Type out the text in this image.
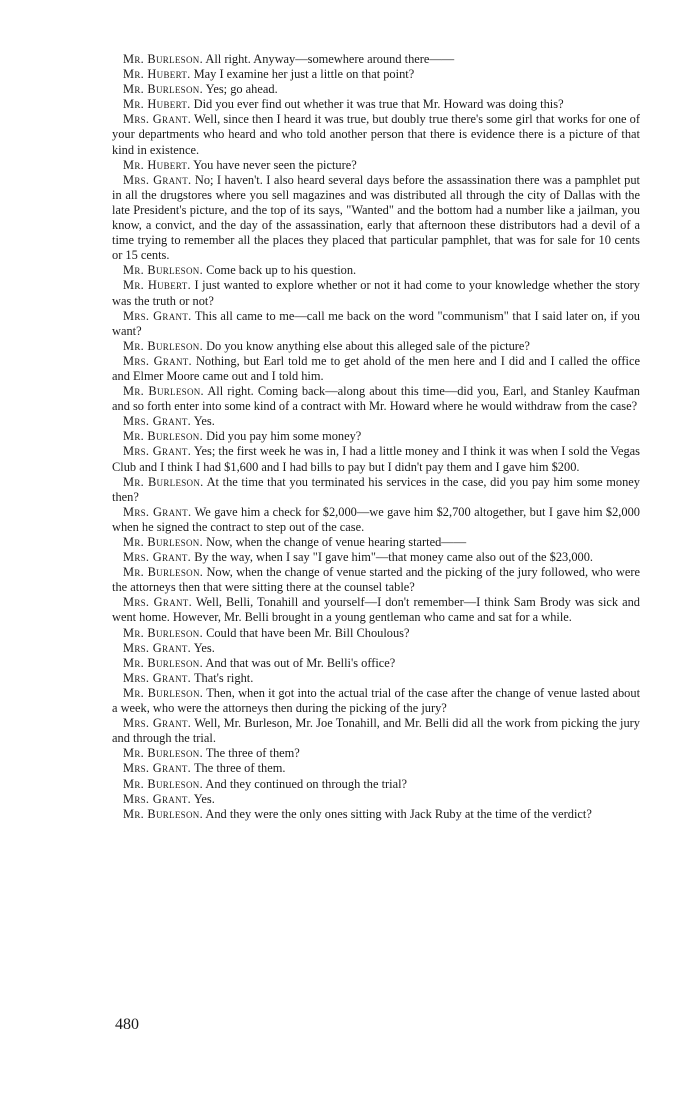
Mr. Burleson. All right. Anyway—somewhere around there——

Mr. Hubert. May I examine her just a little on that point?

Mr. Burleson. Yes; go ahead.

Mr. Hubert. Did you ever find out whether it was true that Mr. Howard was doing this?

Mrs. Grant. Well, since then I heard it was true, but doubly true there's some girl that works for one of your departments who heard and who told another person that there is evidence there is a picture of that kind in existence.

Mr. Hubert. You have never seen the picture?

Mrs. Grant. No; I haven't. I also heard several days before the assassination there was a pamphlet put in all the drugstores where you sell magazines and was distributed all through the city of Dallas with the late President's picture, and the top of its says, "Wanted" and the bottom had a number like a jailman, you know, a convict, and the day of the assassination, early that afternoon these distributors had a devil of a time trying to remember all the places they placed that particular pamphlet, that was for sale for 10 cents or 15 cents.

Mr. Burleson. Come back up to his question.

Mr. Hubert. I just wanted to explore whether or not it had come to your knowledge whether the story was the truth or not?

Mrs. Grant. This all came to me—call me back on the word "communism" that I said later on, if you want?

Mr. Burleson. Do you know anything else about this alleged sale of the picture?

Mrs. Grant. Nothing, but Earl told me to get ahold of the men here and I did and I called the office and Elmer Moore came out and I told him.

Mr. Burleson. All right. Coming back—along about this time—did you, Earl, and Stanley Kaufman and so forth enter into some kind of a contract with Mr. Howard where he would withdraw from the case?

Mrs. Grant. Yes.

Mr. Burleson. Did you pay him some money?

Mrs. Grant. Yes; the first week he was in, I had a little money and I think it was when I sold the Vegas Club and I think I had $1,600 and I had bills to pay but I didn't pay them and I gave him $200.

Mr. Burleson. At the time that you terminated his services in the case, did you pay him some money then?

Mrs. Grant. We gave him a check for $2,000—we gave him $2,700 altogether, but I gave him $2,000 when he signed the contract to step out of the case.

Mr. Burleson. Now, when the change of venue hearing started——

Mrs. Grant. By the way, when I say "I gave him"—that money came also out of the $23,000.

Mr. Burleson. Now, when the change of venue started and the picking of the jury followed, who were the attorneys then that were sitting there at the counsel table?

Mrs. Grant. Well, Belli, Tonahill and yourself—I don't remember—I think Sam Brody was sick and went home. However, Mr. Belli brought in a young gentleman who came and sat for a while.

Mr. Burleson. Could that have been Mr. Bill Choulous?

Mrs. Grant. Yes.

Mr. Burleson. And that was out of Mr. Belli's office?

Mrs. Grant. That's right.

Mr. Burleson. Then, when it got into the actual trial of the case after the change of venue lasted about a week, who were the attorneys then during the picking of the jury?

Mrs. Grant. Well, Mr. Burleson, Mr. Joe Tonahill, and Mr. Belli did all the work from picking the jury and through the trial.

Mr. Burleson. The three of them?

Mrs. Grant. The three of them.

Mr. Burleson. And they continued on through the trial?

Mrs. Grant. Yes.

Mr. Burleson. And they were the only ones sitting with Jack Ruby at the time of the verdict?

480
